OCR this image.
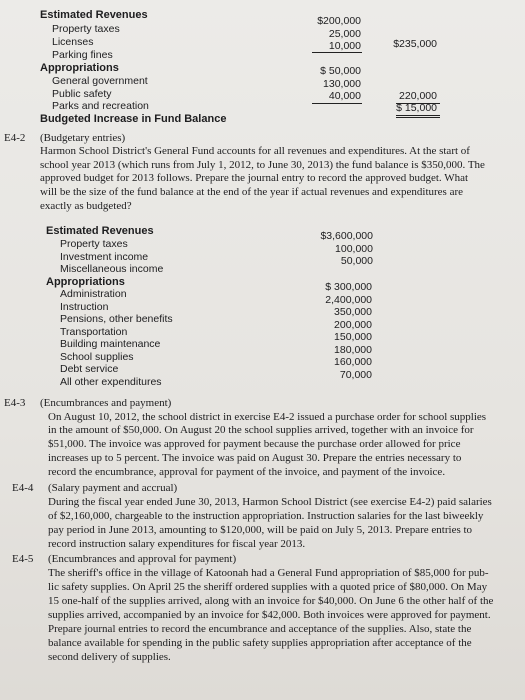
Estimated Revenues
Property taxes
Licenses
Parking fines
$200,000
25,000
10,000	$235,000
Appropriations
General government
Public safety
Parks and recreation
$ 50,000
130,000
40,000	220,000
Budgeted Increase in Fund Balance
$ 15,000
E4-2 (Budgetary entries)
Harmon School District's General Fund accounts for all revenues and expenditures. At the start of
school year 2013 (which runs from July 1, 2012, to June 30, 2013) the fund balance is $350,000. The
approved budget for 2013 follows. Prepare the journal entry to record the approved budget. What
will be the size of the fund balance at the end of the year if actual revenues and expenditures are
exactly as budgeted?
Estimated Revenues
Property taxes
Investment income
Miscellaneous income
$3,600,000
100,000
50,000
Appropriations
Administration
Instruction
Pensions, other benefits
Transportation
Building maintenance
School supplies
Debt service
All other expenditures
$ 300,000
2,400,000
350,000
200,000
150,000
180,000
160,000
70,000
E4-3 (Encumbrances and payment)
On August 10, 2012, the school district in exercise E4-2 issued a purchase order for school supplies
in the amount of $50,000. On August 20 the school supplies arrived, together with an invoice for
$51,000. The invoice was approved for payment because the purchase order allowed for price
increases up to 5 percent. The invoice was paid on August 30. Prepare the entries necessary to
record the encumbrance, approval for payment of the invoice, and payment of the invoice.
E4-4 (Salary payment and accrual)
During the fiscal year ended June 30, 2013, Harmon School District (see exercise E4-2) paid salaries
of $2,160,000, chargeable to the instruction appropriation. Instruction salaries for the last biweekly
pay period in June 2013, amounting to $120,000, will be paid on July 5, 2013. Prepare entries to
record instruction salary expenditures for fiscal year 2013.
E4-5 (Encumbrances and approval for payment)
The sheriff's office in the village of Katoonah had a General Fund appropriation of $85,000 for pub-
lic safety supplies. On April 25 the sheriff ordered supplies with a quoted price of $80,000. On May
15 one-half of the supplies arrived, along with an invoice for $40,000. On June 6 the other half of the
supplies arrived, accompanied by an invoice for $42,000. Both invoices were approved for payment.
Prepare journal entries to record the encumbrance and acceptance of the supplies. Also, state the
balance available for spending in the public safety supplies appropriation after acceptance of the
second delivery of supplies.
